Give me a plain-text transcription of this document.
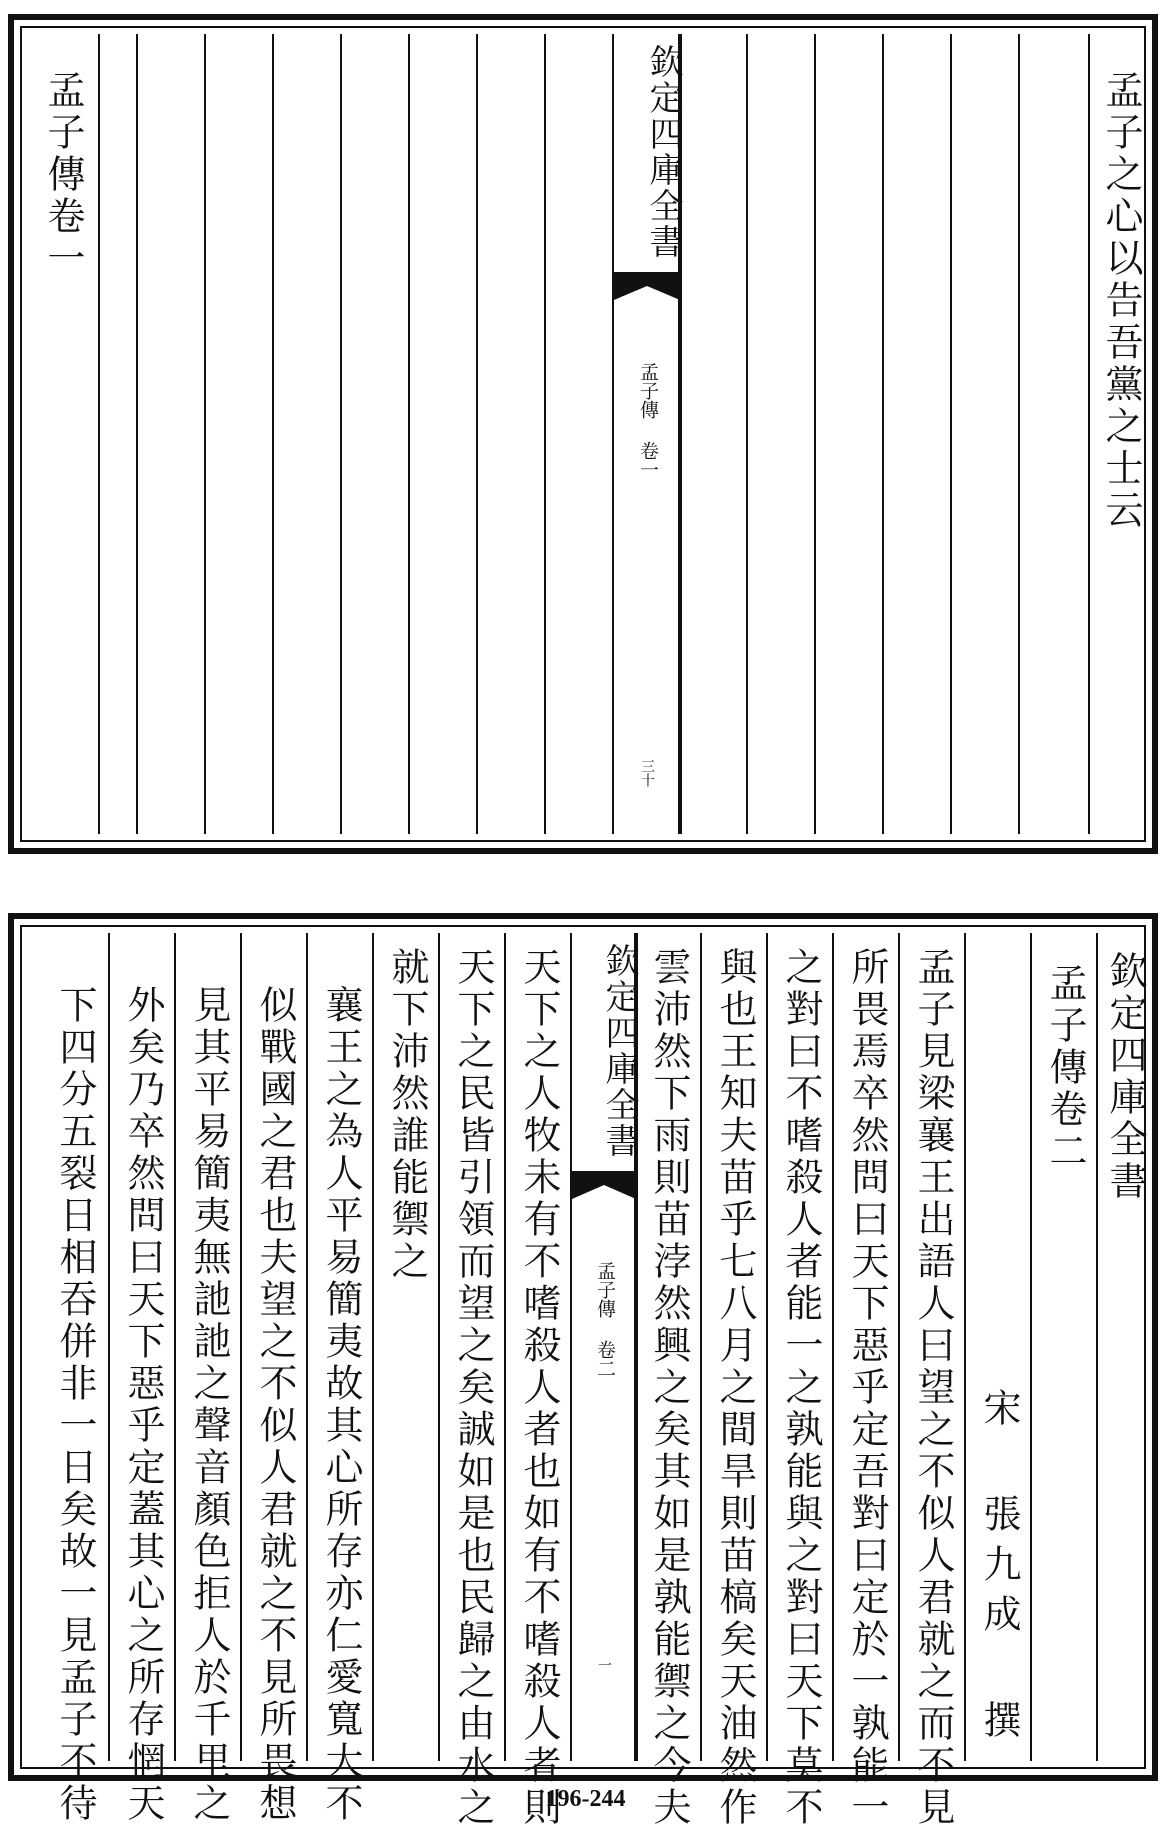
孟子之心以告吾黨之士云
欽定四庫全書
孟子傳 卷一
三十
孟子傳卷一
欽定四庫全書
孟子傳卷二
宋 張九成 撰
孟子見梁襄王出語人曰望之不似人君就之而不見
所畏焉卒然問曰天下惡乎定吾對曰定於一孰能一
之對曰不嗜殺人者能一之孰能與之對曰天下莫不
與也王知夫苗乎七八月之間旱則苗槁矣天油然作
雲沛然下雨則苗浡然興之矣其如是孰能禦之今夫
欽定四庫全書
孟子傳 卷二
一
天下之人牧未有不嗜殺人者也如有不嗜殺人者則
天下之民皆引領而望之矣誠如是也民歸之由水之
就下沛然誰能禦之
襄王之為人平易簡夷故其心所存亦仁愛寬大不
似戰國之君也夫望之不似人君就之不見所畏想
見其平易簡夷無訑訑之聲音顏色拒人於千里之
外矣乃卒然問曰天下惡乎定蓋其心之所存惘天
下四分五裂日相吞併非一日矣故一見孟子不待	196-244
